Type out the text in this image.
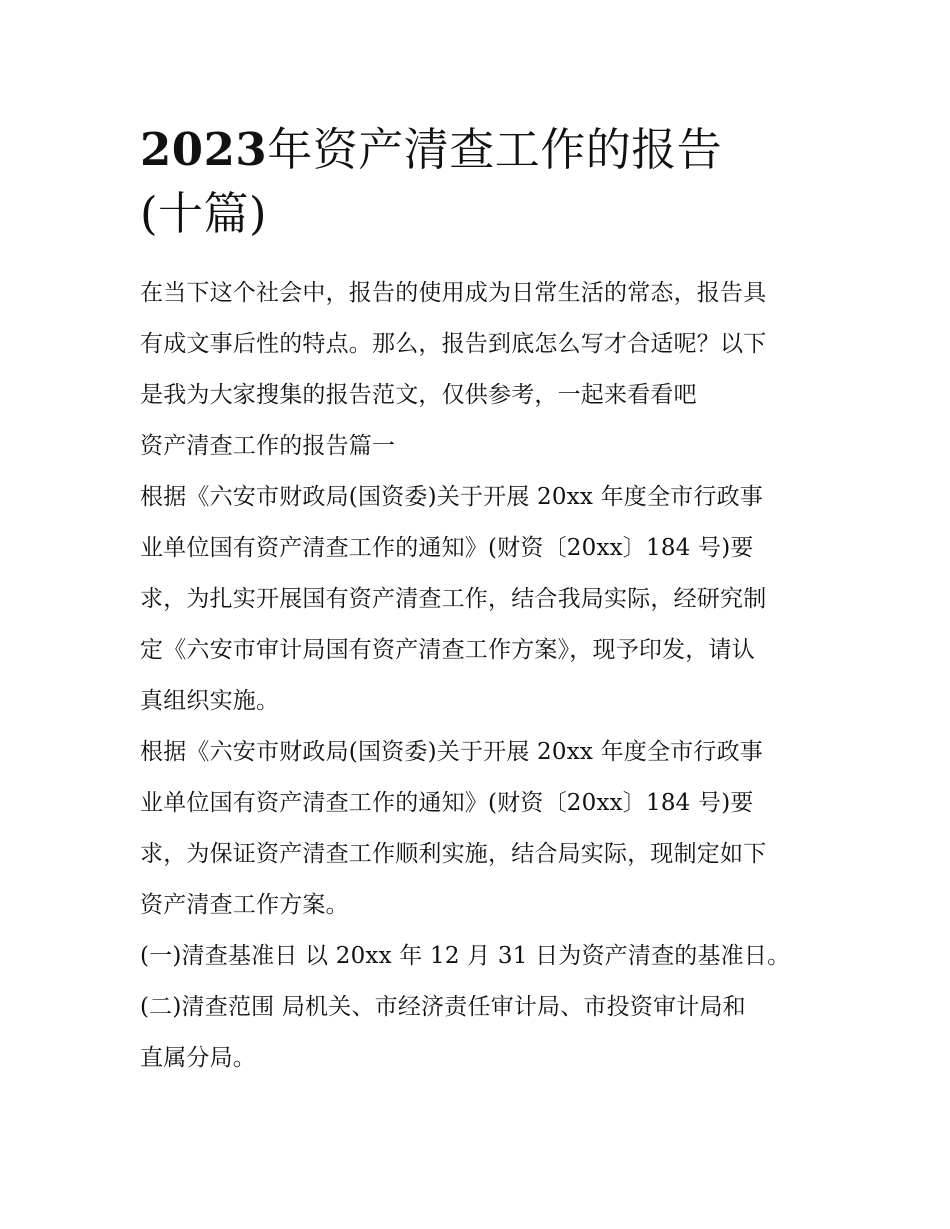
2023年资产清查工作的报告
(十篇)
在当下这个社会中，报告的使用成为日常生活的常态，报告具
有成文事后性的特点。那么，报告到底怎么写才合适呢？以下
是我为大家搜集的报告范文，仅供参考，一起来看看吧
资产清查工作的报告篇一
根据《六安市财政局(国资委)关于开展 20xx 年度全市行政事
业单位国有资产清查工作的通知》(财资〔20xx〕184 号)要
求，为扎实开展国有资产清查工作，结合我局实际，经研究制
定《六安市审计局国有资产清查工作方案》，现予印发，请认
真组织实施。
根据《六安市财政局(国资委)关于开展 20xx 年度全市行政事
业单位国有资产清查工作的通知》(财资〔20xx〕184 号)要
求，为保证资产清查工作顺利实施，结合局实际，现制定如下
资产清查工作方案。
(一)清查基准日 以 20xx 年 12 月 31 日为资产清查的基准日。
(二)清查范围 局机关、市经济责任审计局、市投资审计局和
直属分局。
